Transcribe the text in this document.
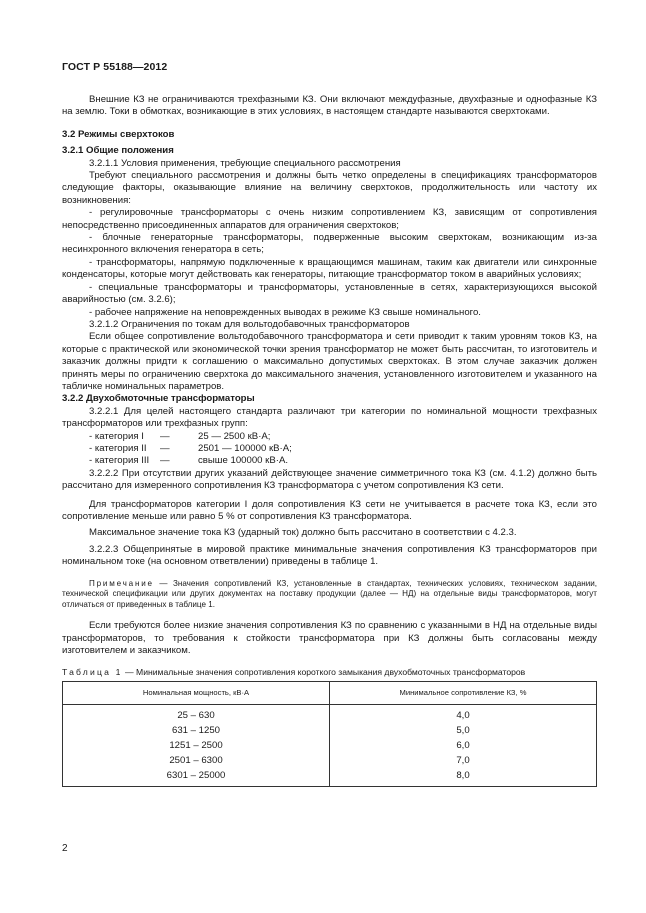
ГОСТ Р 55188—2012

Внешние КЗ не ограничиваются трехфазными КЗ. Они включают междуфазные, двухфазные и однофазные КЗ на землю. Токи в обмотках, возникающие в этих условиях, в настоящем стандарте называются сверхтоками.

3.2 Режимы сверхтоков

3.2.1 Общие положения

3.2.1.1 Условия применения, требующие специального рассмотрения

Требуют специального рассмотрения и должны быть четко определены в спецификациях трансформаторов следующие факторы, оказывающие влияние на величину сверхтоков, продолжительность или частоту их возникновения:

- регулировочные трансформаторы с очень низким сопротивлением КЗ, зависящим от сопротивления непосредственно присоединенных аппаратов для ограничения сверхтоков;

- блочные генераторные трансформаторы, подверженные высоким сверхтокам, возникающим из-за несинхронного включения генератора в сеть;

- трансформаторы, напрямую подключенные к вращающимся машинам, таким как двигатели или синхронные конденсаторы, которые могут действовать как генераторы, питающие трансформатор током в аварийных условиях;

- специальные трансформаторы и трансформаторы, установленные в сетях, характеризующихся высокой аварийностью (см. 3.2.6);

- рабочее напряжение на неповрежденных выводах в режиме КЗ свыше номинального.

3.2.1.2 Ограничения по токам для вольтодобавочных трансформаторов

Если общее сопротивление вольтодобавочного трансформатора и сети приводит к таким уровням токов КЗ, на которые с практической или экономической точки зрения трансформатор не может быть рассчитан, то изготовитель и заказчик должны придти к соглашению о максимально допустимых сверхтоках. В этом случае заказчик должен принять меры по ограничению сверхтока до максимального значения, установленного изготовителем и указанного на табличке номинальных параметров.

3.2.2 Двухобмоточные трансформаторы

3.2.2.1 Для целей настоящего стандарта различают три категории по номинальной мощности трехфазных трансформаторов или трехфазных групп:

- категория I —	25 — 2500 кВ·А;
- категория II —	2501 — 100000 кВ·А;
- категория III —	свыше 100000 кВ·А.

3.2.2.2 При отсутствии других указаний действующее значение симметричного тока КЗ (см. 4.1.2) должно быть рассчитано для измеренного сопротивления КЗ трансформатора с учетом сопротивления КЗ сети.

Для трансформаторов категории I доля сопротивления КЗ сети не учитывается в расчете тока КЗ, если это сопротивление меньше или равно 5 % от сопротивления КЗ трансформатора.

Максимальное значение тока КЗ (ударный ток) должно быть рассчитано в соответствии с 4.2.3.

3.2.2.3 Общепринятые в мировой практике минимальные значения сопротивления КЗ трансформаторов при номинальном токе (на основном ответвлении) приведены в таблице 1.

Примечание — Значения сопротивлений КЗ, установленные в стандартах, технических условиях, техническом задании, технической спецификации или других документах на поставку продукции (далее — НД) на отдельные виды трансформаторов, могут отличаться от приведенных в таблице 1.

Если требуются более низкие значения сопротивления КЗ по сравнению с указанными в НД на отдельные виды трансформаторов, то требования к стойкости трансформатора при КЗ должны быть согласованы между изготовителем и заказчиком.

Таблица 1 — Минимальные значения сопротивления короткого замыкания двухобмоточных трансформаторов
Номинальная мощность, кВ·А	Минимальное сопротивление КЗ, %
25 – 630	4,0
631 – 1250	5,0
1251 – 2500	6,0
2501 – 6300	7,0
6301 – 25000	8,0
2
